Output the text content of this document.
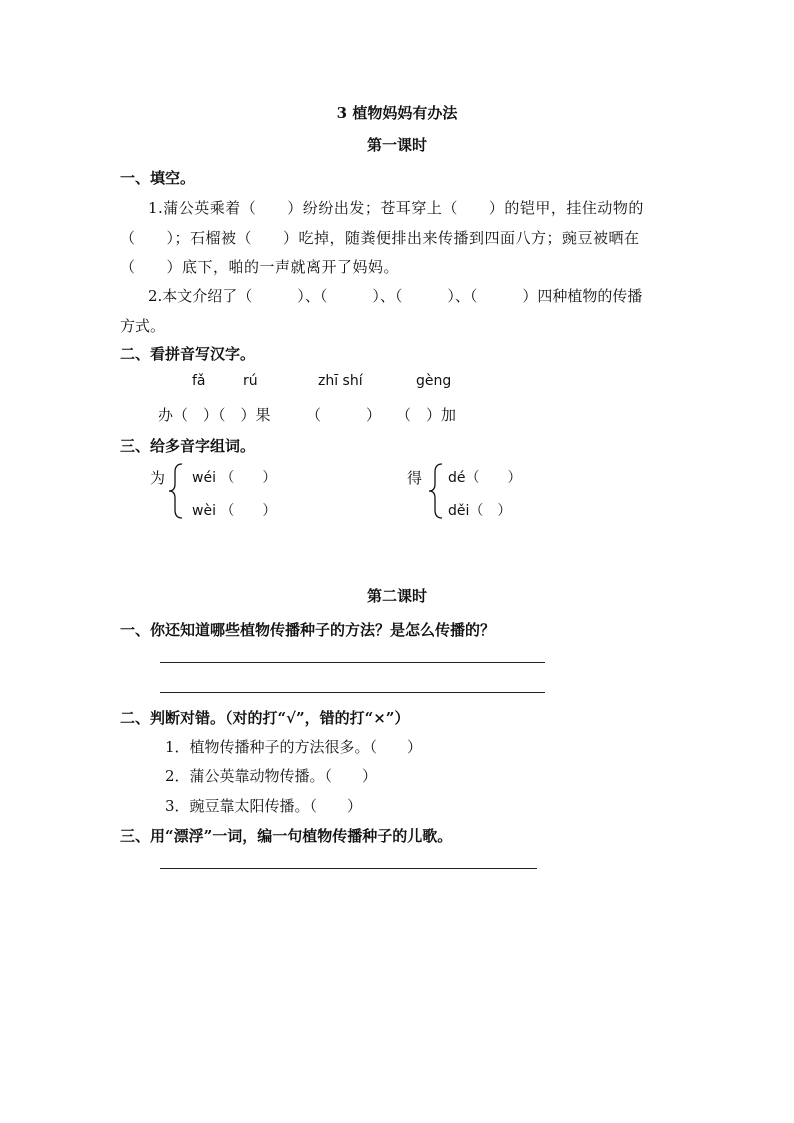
3 植物妈妈有办法
第一课时
一、填空。
1.蒲公英乘着（　　）纷纷出发；苍耳穿上（　　）的铠甲，挂住动物的
（　　）；石榴被（　　）吃掉，随粪便排出来传播到四面八方；豌豆被晒在
（　　）底下，啪的一声就离开了妈妈。
2.本文介绍了（　　　）、（　　　）、（　　　）、（　　　）四种植物的传播
方式。
二、看拼音写汉字。
fǎ	rú	zhī shí	gèng
办（　）（　）果 （　　　） （　）加
三、给多音字组词。
为 wéi （　　）
wèi （　　）
得 dé（　　）
děi（　）
第二课时
一、你还知道哪些植物传播种子的方法？是怎么传播的？
二、判断对错。（对的打“√”，错的打“×”）
1．植物传播种子的方法很多。（　　）
2．蒲公英靠动物传播。（　　）
3．豌豆靠太阳传播。（　　）
三、用“漂浮”一词，编一句植物传播种子的儿歌。
